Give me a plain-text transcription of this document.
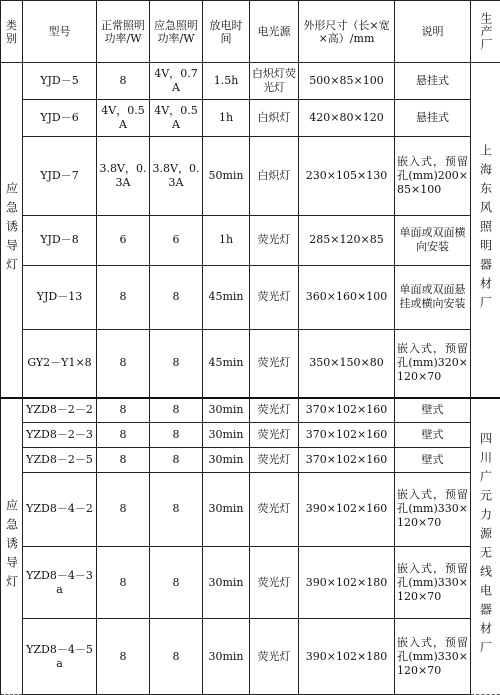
类别	型号	正常照明功率/W	应急照明功率/W	放电时间	电光源	外形尺寸（长×宽×高）/mm	说明	生产厂
应急诱导灯	YJD－5	8	4V，0.7A	1.5h	白炽灯荧光灯	500×85×100	悬挂式	上海东风照明器材厂
	YJD－6	4V，0.5A	4V，0.5A	1h	白炽灯	420×80×120	悬挂式	
	YJD－7	3.8V，0.3A	3.8V，0.3A	50min	白炽灯	230×105×130	嵌入式，预留孔(mm)200×85×100	
	YJD－8	6	6	1h	荧光灯	285×120×85	单面或双面横向安装	
	YJD－13	8	8	45min	荧光灯	360×160×100	单面或双面悬挂或横向安装	
	GY2－Y1×8	8	8	45min	荧光灯	350×150×80	嵌入式，预留孔(mm)320×120×70	
应急诱导灯	YZD8－2－2	8	8	30min	荧光灯	370×102×160	壁式	四川广元力源无线电器材厂
	YZD8－2－3	8	8	30min	荧光灯	370×102×160	壁式	
	YZD8－2－5	8	8	30min	荧光灯	370×102×160	壁式	
	YZD8－4－2	8	8	30min	荧光灯	390×102×160	嵌入式，预留孔(mm)330×120×70	
	YZD8－4－3a	8	8	30min	荧光灯	390×102×180	嵌入式，预留孔(mm)330×120×70	
	YZD8－4－5a	8	8	30min	荧光灯	390×102×180	嵌入式，预留孔(mm)330×120×70	
